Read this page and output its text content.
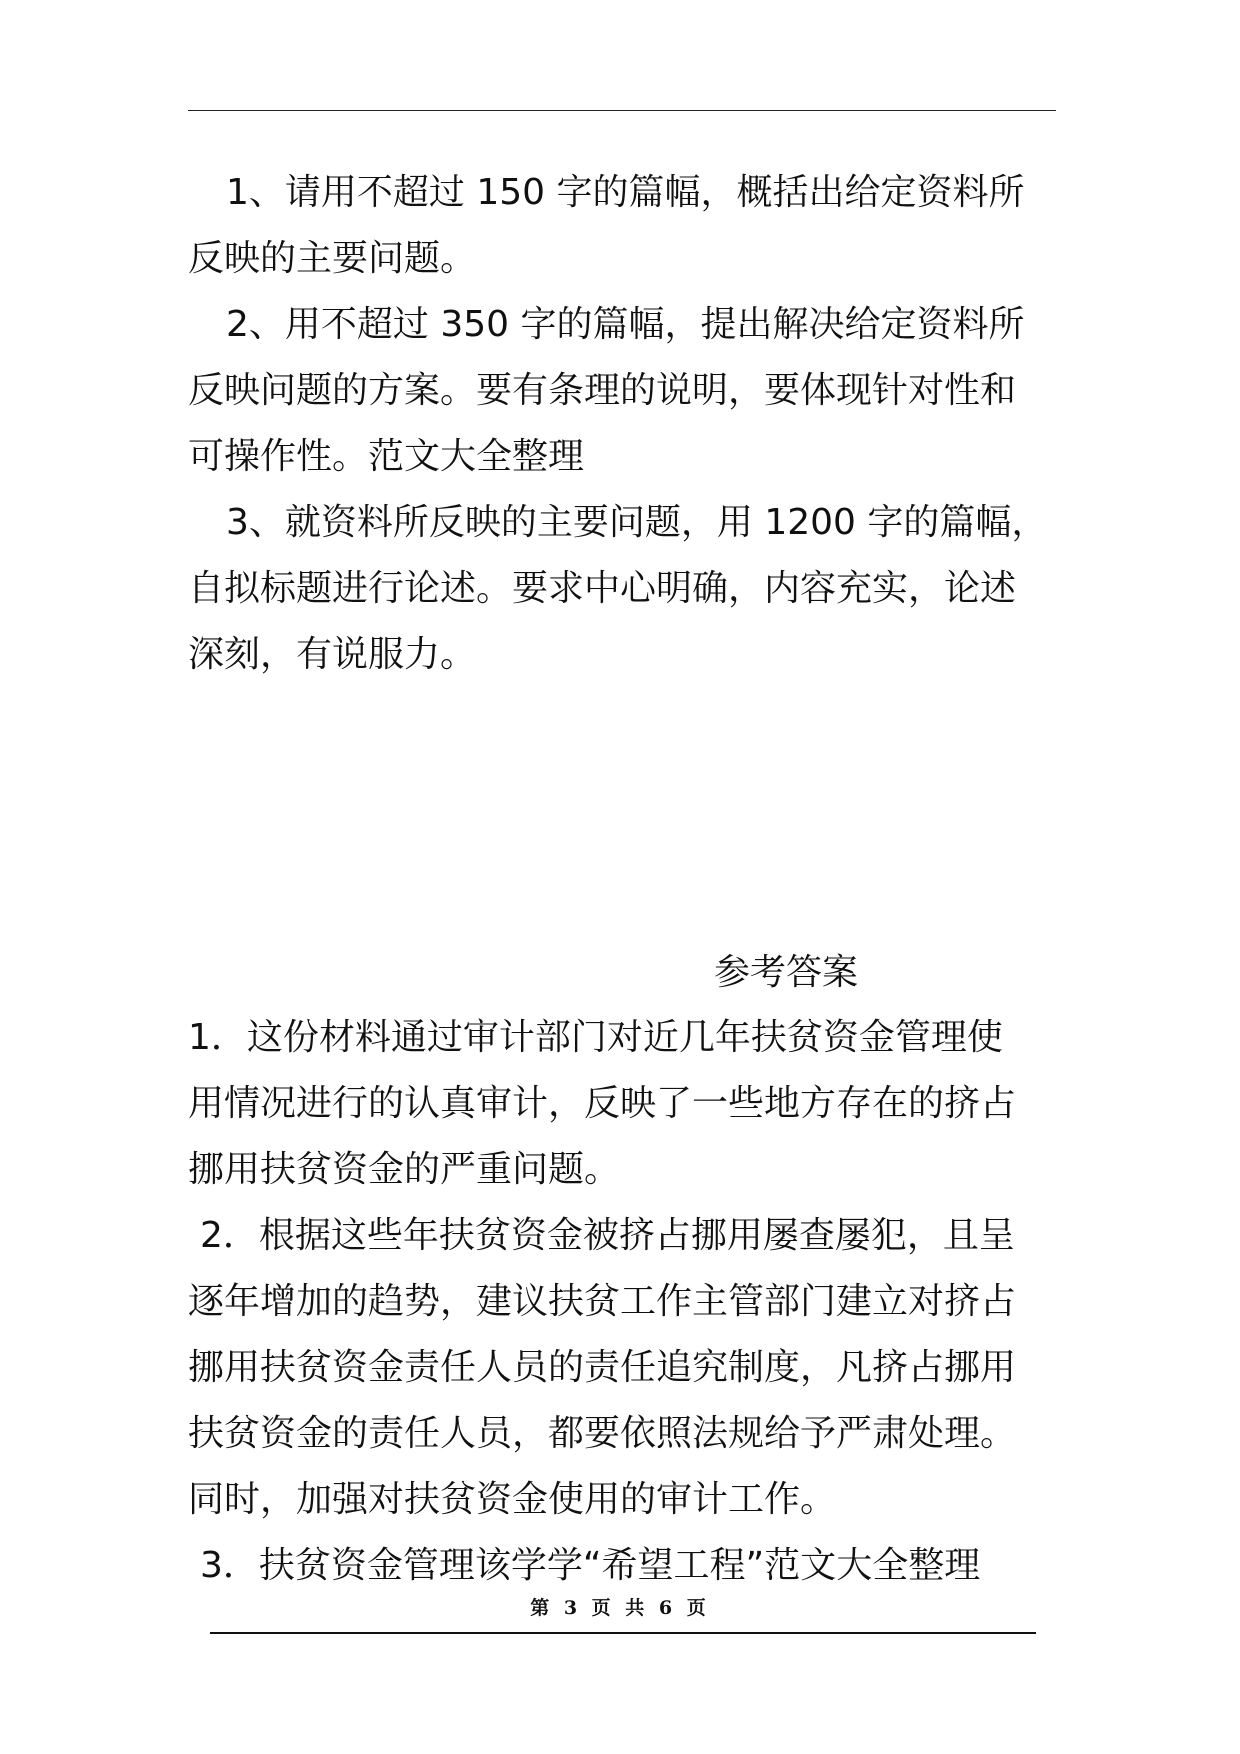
1、请用不超过 150 字的篇幅，概括出给定资料所
反映的主要问题。
2、用不超过 350 字的篇幅，提出解决给定资料所
反映问题的方案。要有条理的说明，要体现针对性和
可操作性。范文大全整理
3、就资料所反映的主要问题，用 1200 字的篇幅，
自拟标题进行论述。要求中心明确，内容充实，论述
深刻，有说服力。
参考答案
1．这份材料通过审计部门对近几年扶贫资金管理使
用情况进行的认真审计，反映了一些地方存在的挤占
挪用扶贫资金的严重问题。
2．根据这些年扶贫资金被挤占挪用屡查屡犯，且呈
逐年增加的趋势，建议扶贫工作主管部门建立对挤占
挪用扶贫资金责任人员的责任追究制度，凡挤占挪用
扶贫资金的责任人员，都要依照法规给予严肃处理。
同时，加强对扶贫资金使用的审计工作。
3．扶贫资金管理该学学“希望工程”范文大全整理
第 3 页 共 6 页
